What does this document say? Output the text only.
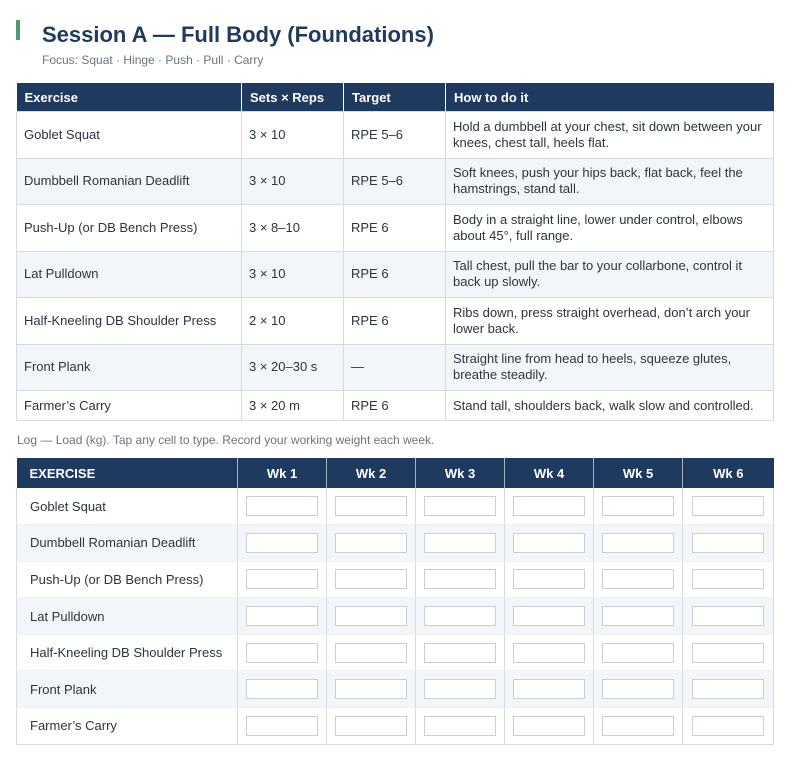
Session A — Full Body (Foundations)
Focus: Squat · Hinge · Push · Pull · Carry
Exercise	Sets × Reps	Target	How to do it
Goblet Squat	3 × 10	RPE 5–6	Hold a dumbbell at your chest, sit down between your knees, chest tall, heels flat.
Dumbbell Romanian Deadlift	3 × 10	RPE 5–6	Soft knees, push your hips back, flat back, feel the hamstrings, stand tall.
Push-Up (or DB Bench Press)	3 × 8–10	RPE 6	Body in a straight line, lower under control, elbows about 45°, full range.
Lat Pulldown	3 × 10	RPE 6	Tall chest, pull the bar to your collarbone, control it back up slowly.
Half-Kneeling DB Shoulder Press	2 × 10	RPE 6	Ribs down, press straight overhead, don’t arch your lower back.
Front Plank	3 × 20–30 s	—	Straight line from head to heels, squeeze glutes, breathe steadily.
Farmer’s Carry	3 × 20 m	RPE 6	Stand tall, shoulders back, walk slow and controlled.
Log — Load (kg). Tap any cell to type. Record your working weight each week.
EXERCISE	Wk 1	Wk 2	Wk 3	Wk 4	Wk 5	Wk 6
Goblet Squat	

Dumbbell Romanian Deadlift	

Push-Up (or DB Bench Press)	

Lat Pulldown	

Half-Kneeling DB Shoulder Press	

Front Plank	

Farmer’s Carry	
